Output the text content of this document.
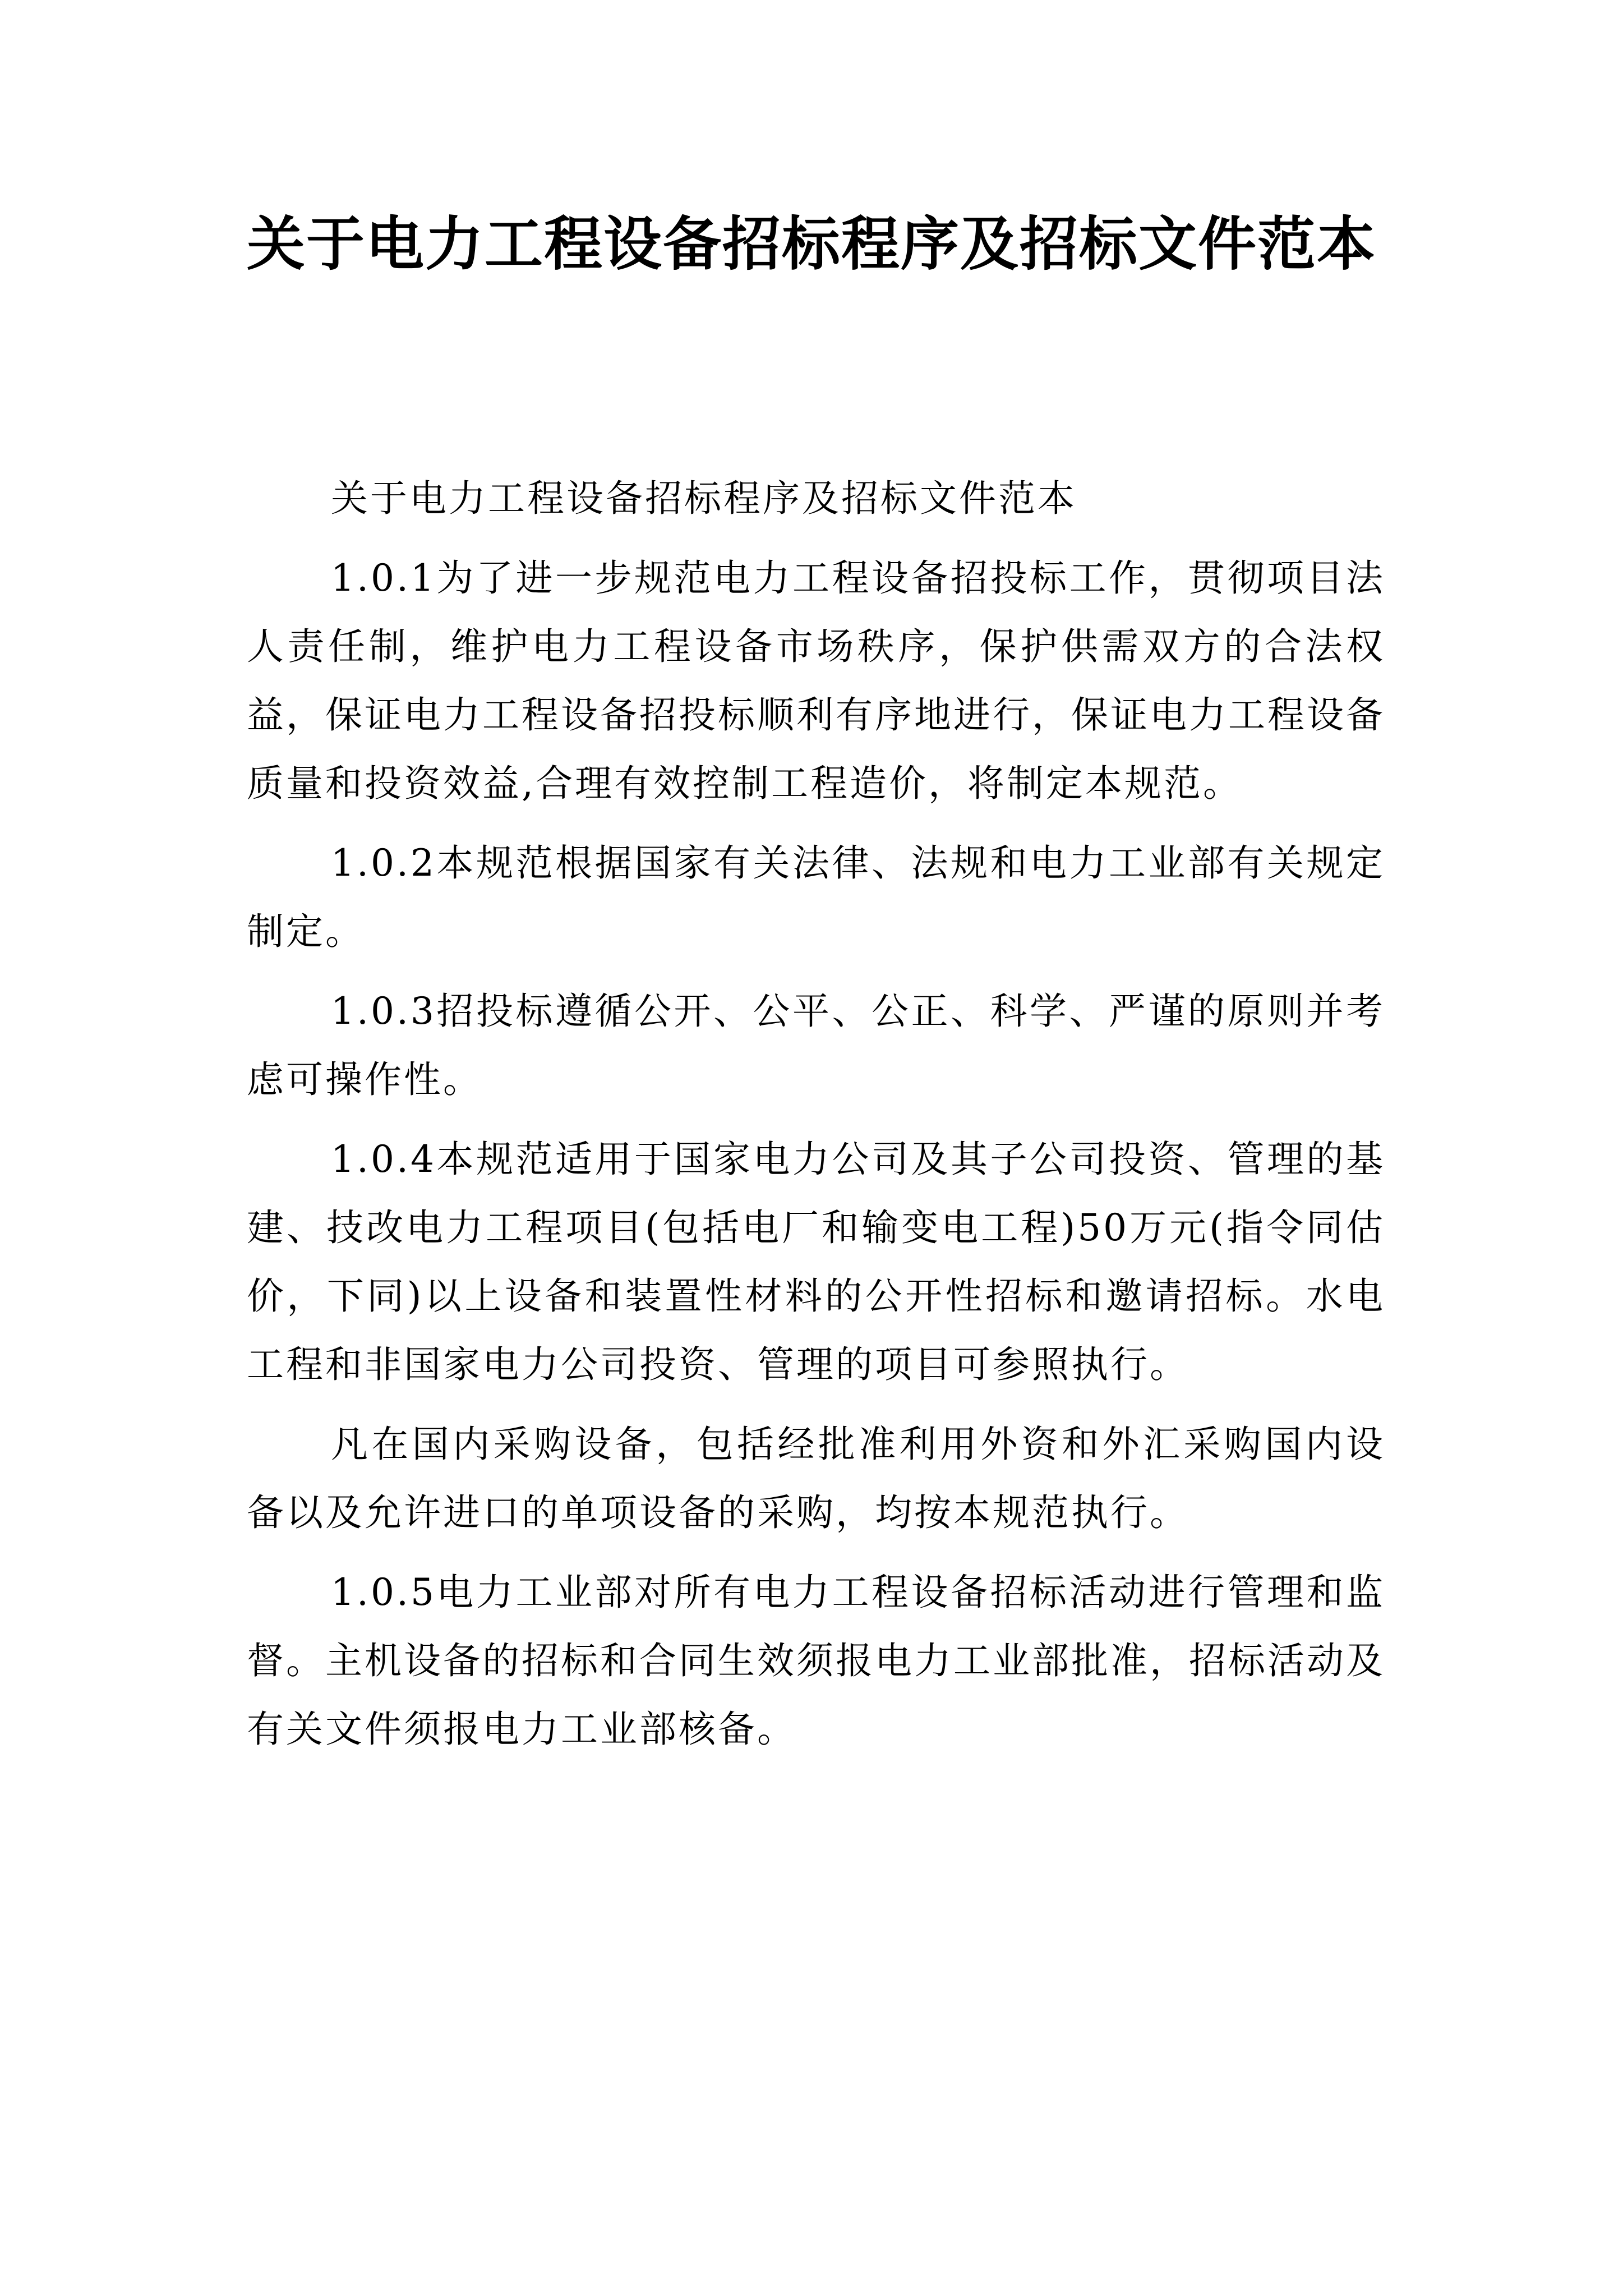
关于电力工程设备招标程序及招标文件范本

关于电力工程设备招标程序及招标文件范本

1.0.1为了进一步规范电力工程设备招投标工作，贯彻项目法人责任制，维护电力工程设备市场秩序，保护供需双方的合法权益，保证电力工程设备招投标顺利有序地进行，保证电力工程设备质量和投资效益,合理有效控制工程造价，将制定本规范。

1.0.2本规范根据国家有关法律、法规和电力工业部有关规定制定。

1.0.3招投标遵循公开、公平、公正、科学、严谨的原则并考虑可操作性。

1.0.4本规范适用于国家电力公司及其子公司投资、管理的基建、技改电力工程项目(包括电厂和输变电工程)50万元(指令同估价，下同)以上设备和装置性材料的公开性招标和邀请招标。水电工程和非国家电力公司投资、管理的项目可参照执行。

凡在国内采购设备，包括经批准利用外资和外汇采购国内设备以及允许进口的单项设备的采购，均按本规范执行。

1.0.5电力工业部对所有电力工程设备招标活动进行管理和监督。主机设备的招标和合同生效须报电力工业部批准，招标活动及有关文件须报电力工业部核备。
